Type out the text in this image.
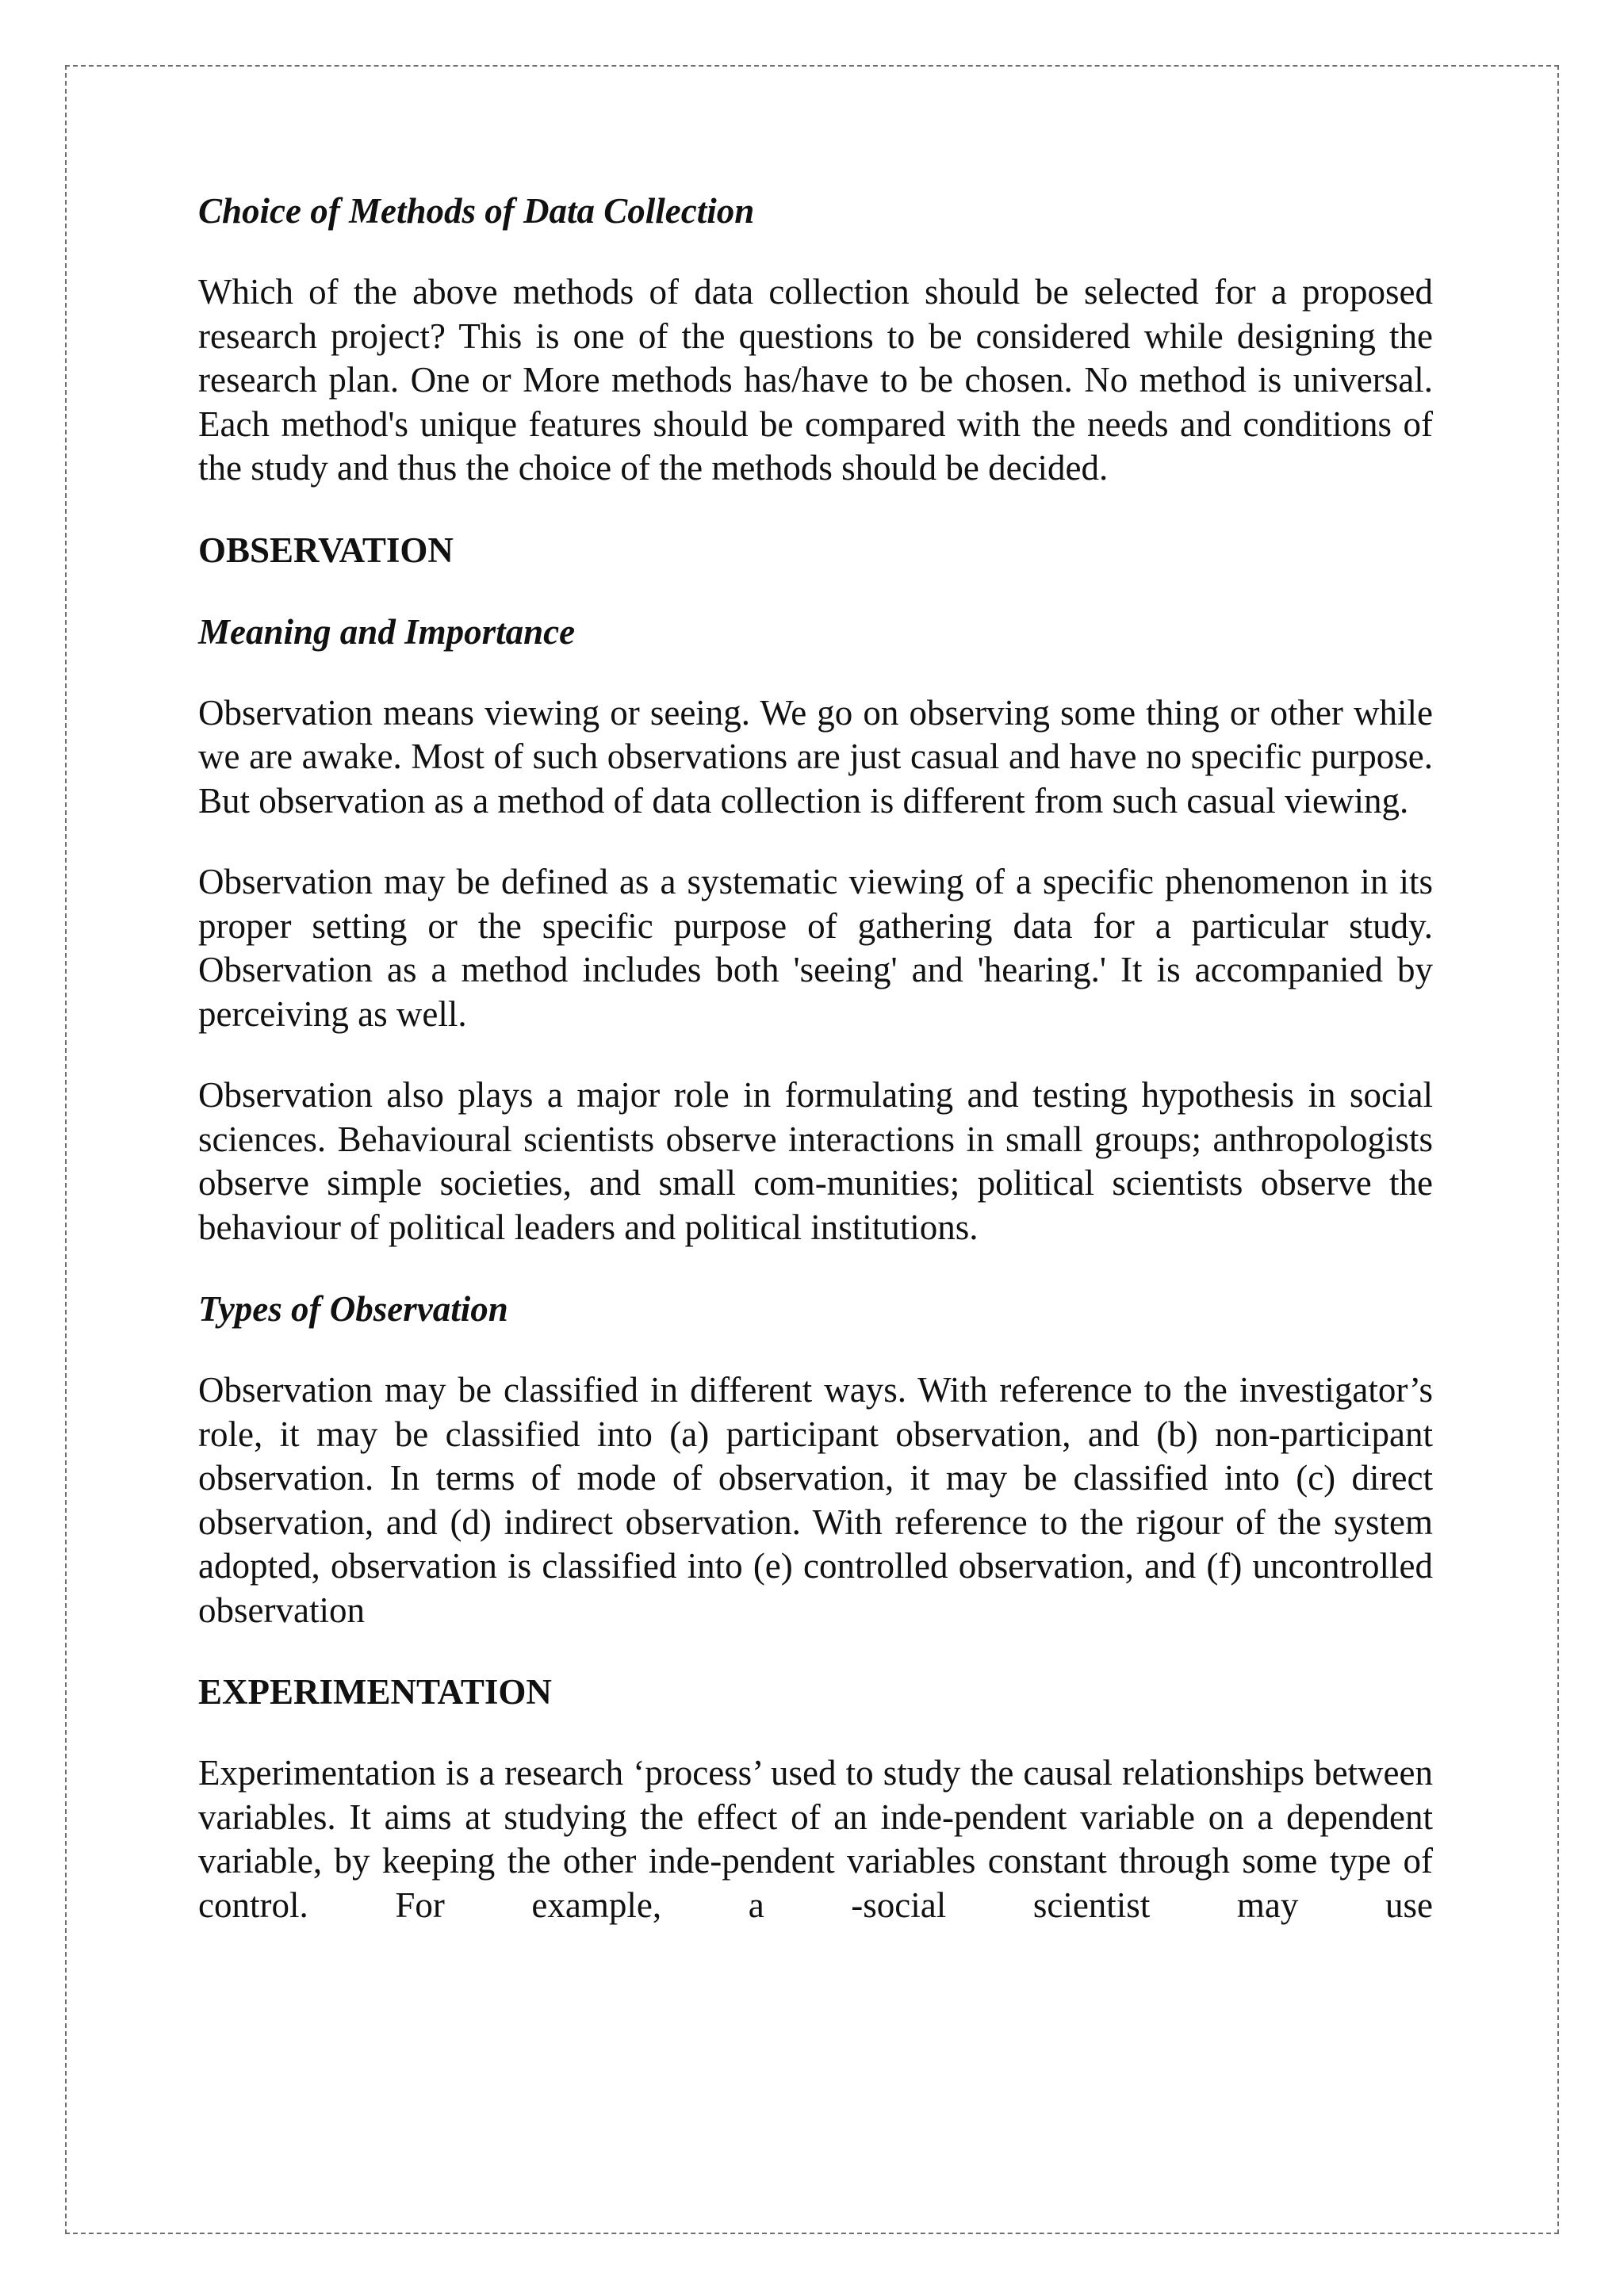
Choice of Methods of Data Collection

Which of the above methods of data collection should be selected for a proposed research project? This is one of the questions to be considered while designing the research plan. One or More methods has/have to be chosen. No method is universal. Each method's unique features should be compared with the needs and conditions of the study and thus the choice of the methods should be decided.

OBSERVATION
Meaning and Importance

Observation means viewing or seeing. We go on observing some thing or other while we are awake. Most of such observations are just casual and have no specific purpose. But observation as a method of data collection is different from such casual viewing.

Observation may be defined as a systematic viewing of a specific phenomenon in its proper setting or the specific purpose of gathering data for a particular study. Observation as a method includes both 'seeing' and 'hearing.' It is accompanied by perceiving as well.

Observation also plays a major role in formulating and testing hypothesis in social sciences. Behavioural scientists observe interactions in small groups; anthropologists observe simple societies, and small com-munities; political scientists observe the behaviour of political leaders and political institutions.

Types of Observation

Observation may be classified in different ways. With reference to the investigator’s role, it may be classified into (a) participant observation, and (b) non-participant observation. In terms of mode of observation, it may be classified into (c) direct observation, and (d) indirect observation. With reference to the rigour of the system adopted, observation is classified into (e) controlled observation, and (f) uncontrolled observation

EXPERIMENTATION

Experimentation is a research ‘process’ used to study the causal relationships between variables. It aims at studying the effect of an inde-pendent variable on a dependent variable, by keeping the other inde-pendent variables constant through some type of control. For example, a -social scientist may use
